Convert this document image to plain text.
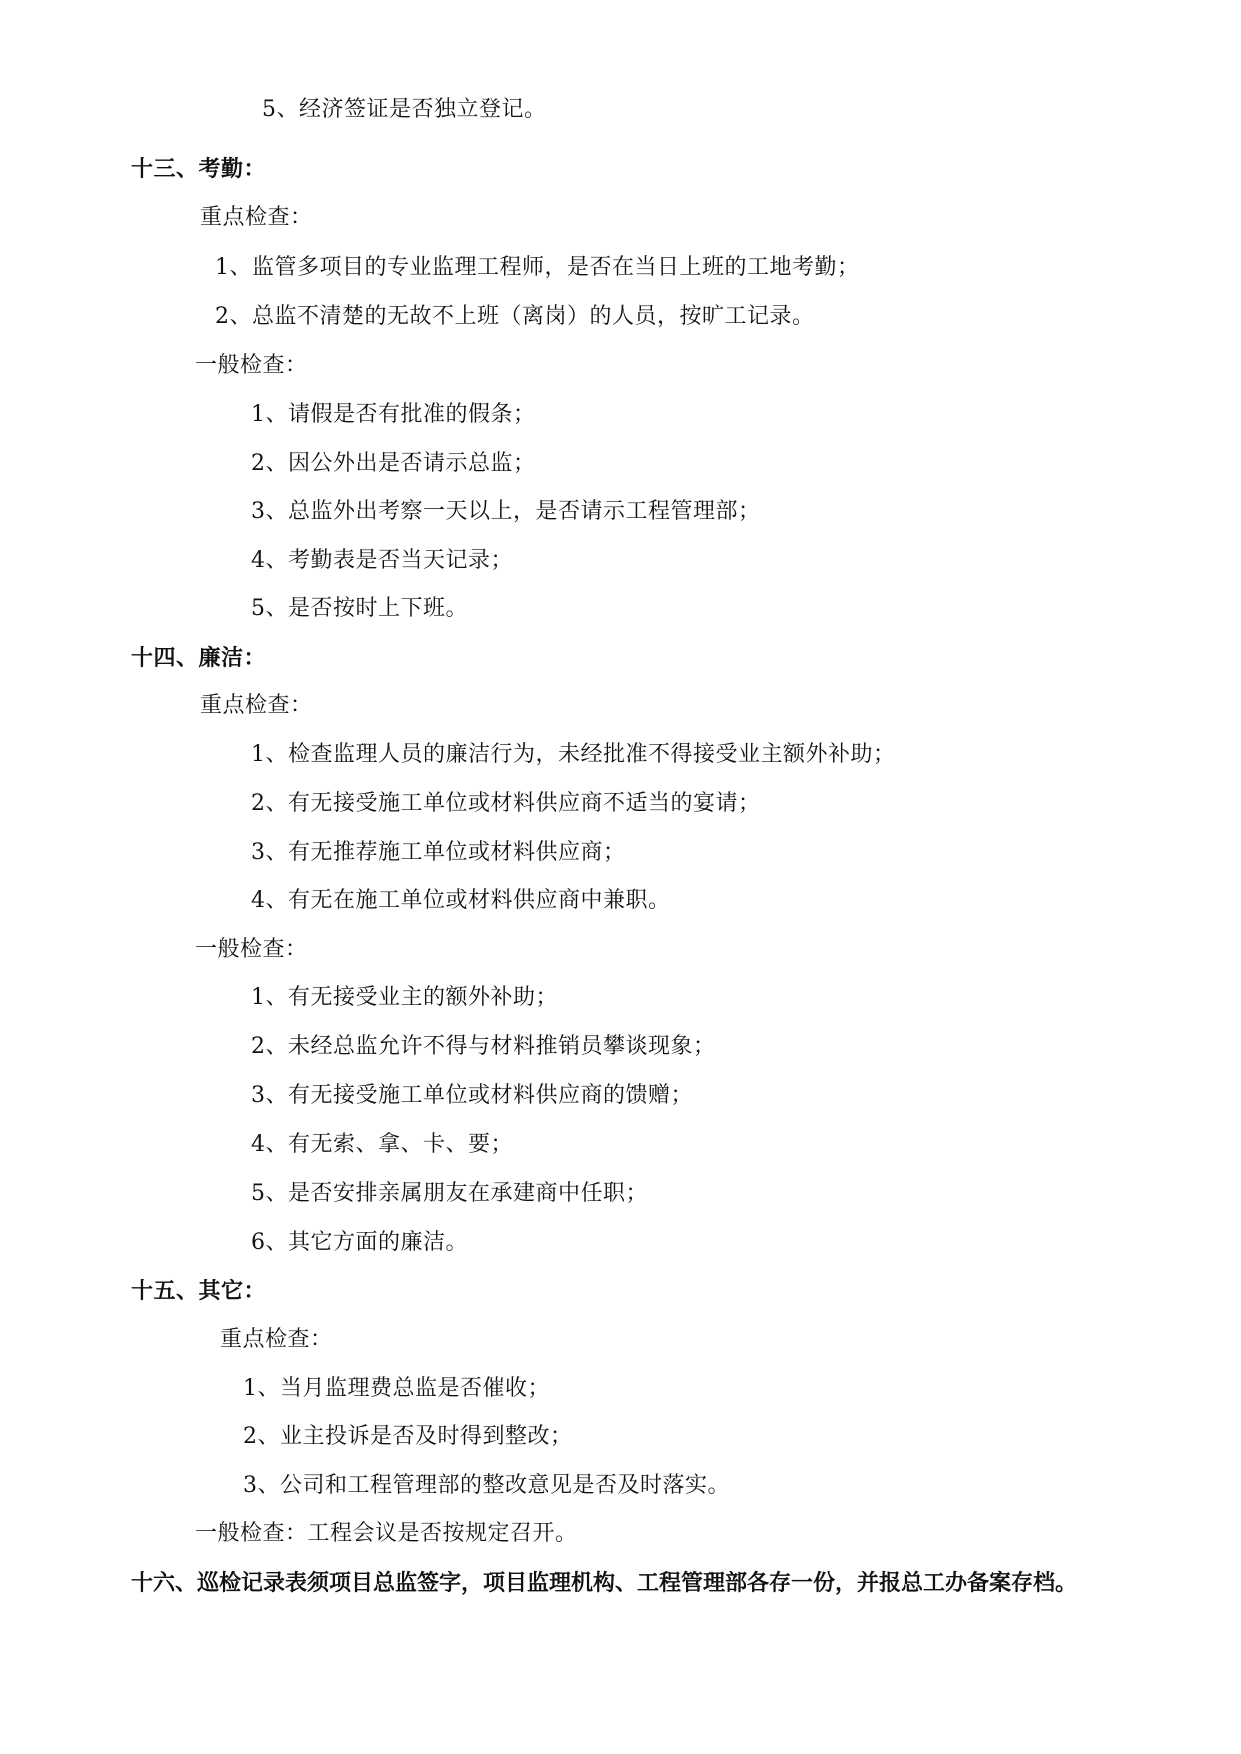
5、经济签证是否独立登记。
十三、考勤：
重点检查：
1、监管多项目的专业监理工程师，是否在当日上班的工地考勤；
2、总监不清楚的无故不上班（离岗）的人员，按旷工记录。
一般检查：
1、请假是否有批准的假条；
2、因公外出是否请示总监；
3、总监外出考察一天以上，是否请示工程管理部；
4、考勤表是否当天记录；
5、是否按时上下班。
十四、廉洁：
重点检查：
1、检查监理人员的廉洁行为，未经批准不得接受业主额外补助；
2、有无接受施工单位或材料供应商不适当的宴请；
3、有无推荐施工单位或材料供应商；
4、有无在施工单位或材料供应商中兼职。
一般检查：
1、有无接受业主的额外补助；
2、未经总监允许不得与材料推销员攀谈现象；
3、有无接受施工单位或材料供应商的馈赠；
4、有无索、拿、卡、要；
5、是否安排亲属朋友在承建商中任职；
6、其它方面的廉洁。
十五、其它：
重点检查：
1、当月监理费总监是否催收；
2、业主投诉是否及时得到整改；
3、公司和工程管理部的整改意见是否及时落实。
一般检查：工程会议是否按规定召开。
十六、巡检记录表须项目总监签字，项目监理机构、工程管理部各存一份，并报总工办备案存档。
